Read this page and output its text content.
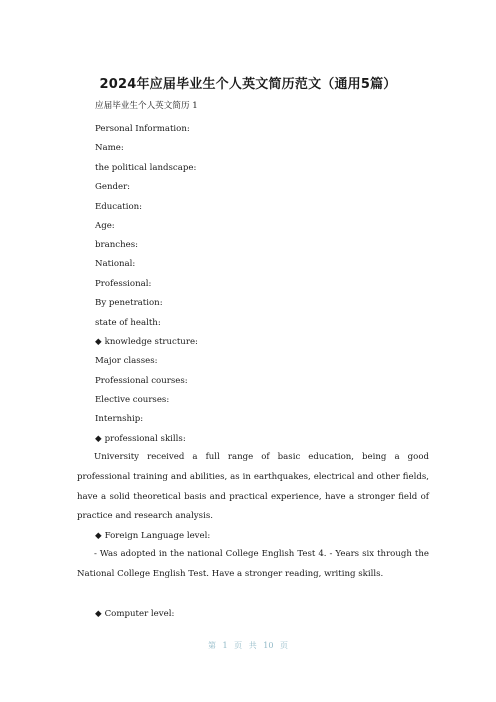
2024年应届毕业生个人英文简历范文（通用5篇）
应届毕业生个人英文简历 1
Personal Information:
Name:
the political landscape:
Gender:
Education:
Age:
branches:
National:
Professional:
By penetration:
state of health:
◆ knowledge structure:
Major classes:
Professional courses:
Elective courses:
Internship:
◆ professional skills:
University received a full range of basic education, being a good professional training and abilities, as in earthquakes, electrical and other fields, have a solid theoretical basis and practical experience, have a stronger field of practice and research analysis.
◆ Foreign Language level:
- Was adopted in the national College English Test 4. - Years six through the National College English Test. Have a stronger reading, writing skills.
◆ Computer level:
第 1 页 共 10 页
